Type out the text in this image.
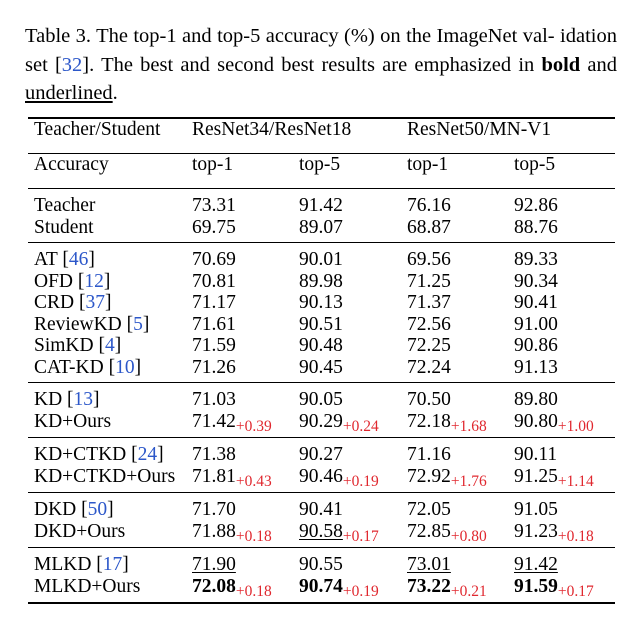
Table 3. The top-1 and top-5 accuracy (%) on the ImageNet val- idation set [32]. The best and second best results are emphasized in bold and underlined.
Teacher/Student	ResNet34/ResNet18		ResNet50/MN-V1	
Accuracy	top-1	top-5	top-1	top-5
Teacher	73.31	91.42	76.16	92.86
Student	69.75	89.07	68.87	88.76
AT [46]	70.69	90.01	69.56	89.33
OFD [12]	70.81	89.98	71.25	90.34
CRD [37]	71.17	90.13	71.37	90.41
ReviewKD [5]	71.61	90.51	72.56	91.00
SimKD [4]	71.59	90.48	72.25	90.86
CAT-KD [10]	71.26	90.45	72.24	91.13
KD [13]	71.03	90.05	70.50	89.80
KD+Ours	$71.42_{+0.39}$	$90.29_{+0.24}$	$72.18_{+1.68}$	$90.80_{+1.00}$
KD+CTKD [24]	71.38	90.27	71.16	90.11
KD+CTKD+Ours	$71.81_{+0.43}$	$90.46_{+0.19}$	$72.92_{+1.76}$	$91.25_{+1.14}$
DKD [50]	71.70	90.41	72.05	91.05
DKD+Ours	$71.88_{+0.18}$	$90.58_{+0.17}$	$72.85_{+0.80}$	$91.23_{+0.18}$
MLKD [17]	71.90	90.55	73.01	91.42
MLKD+Ours	$72.08_{+0.18}$	$90.74_{+0.19}$	$73.22_{+0.21}$	$91.59_{+0.17}$
